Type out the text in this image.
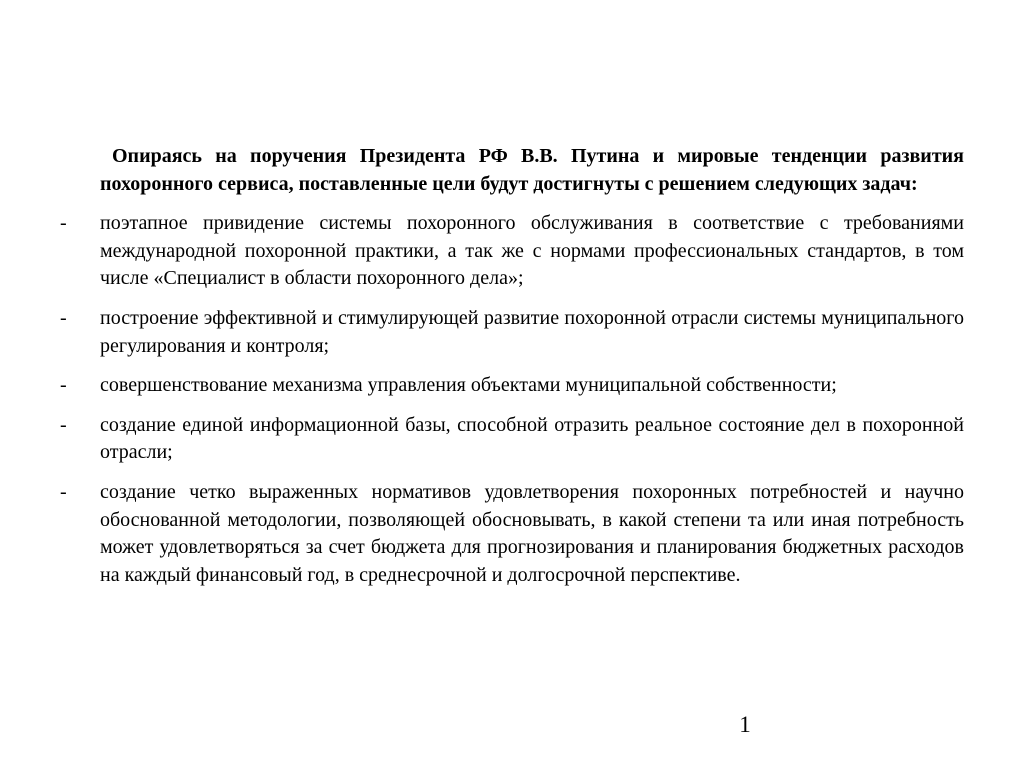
Опираясь на поручения Президента РФ В.В. Путина и мировые тенденции развития похоронного сервиса, поставленные цели будут достигнуты с решением следующих задач:

-	поэтапное привидение системы похоронного обслуживания в соответствие с требованиями международной похоронной практики, а так же с нормами профессиональных стандартов, в том числе «Специалист в области похоронного дела»;
-	построение эффективной и стимулирующей развитие похоронной отрасли системы муниципального регулирования и контроля;
-	совершенствование механизма управления объектами муниципальной собственности;
-	создание единой информационной базы, способной отразить реальное состояние дел в похоронной отрасли;
-	создание четко выраженных нормативов удовлетворения похоронных потребностей и научно обоснованной методологии, позволяющей обосновывать, в какой степени та или иная потребность может удовлетворяться за счет бюджета для прогнозирования и планирования бюджетных расходов на каждый финансовый год, в среднесрочной и долгосрочной перспективе.
1
